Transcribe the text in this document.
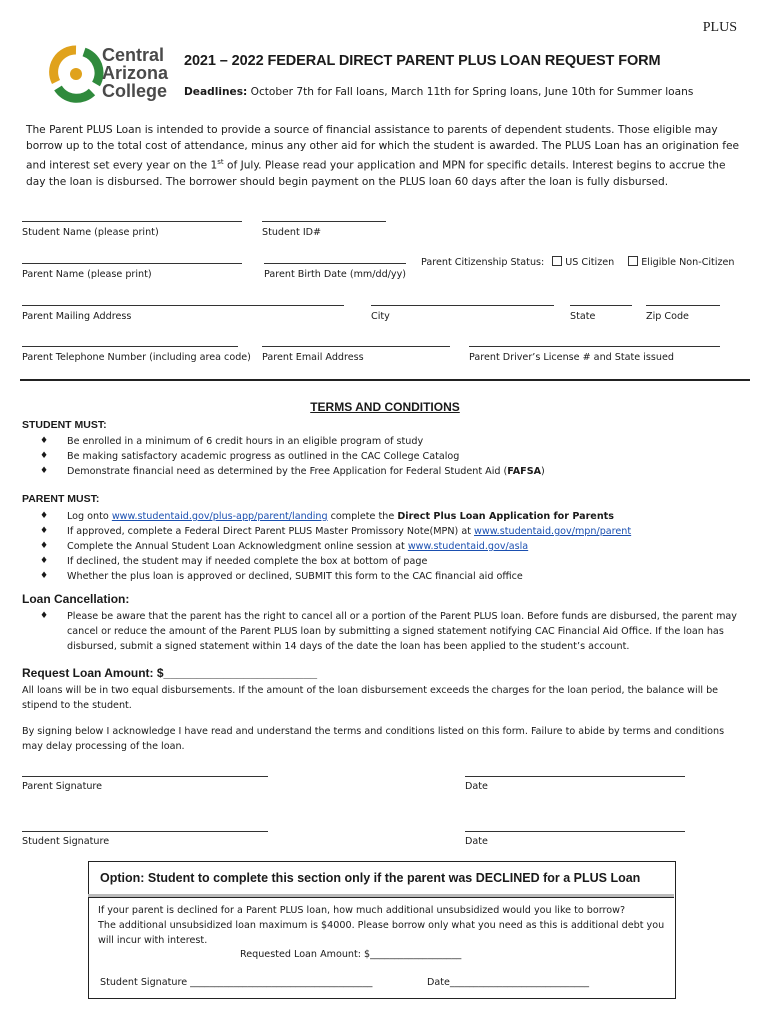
PLUS
Central
Arizona
College
2021 – 2022 FEDERAL DIRECT PARENT PLUS LOAN REQUEST FORM
Deadlines: October 7th for Fall loans, March 11th for Spring loans, June 10th for Summer loans
The Parent PLUS Loan is intended to provide a source of financial assistance to parents of dependent students. Those eligible may borrow up to the total cost of attendance, minus any other aid for which the student is awarded. The PLUS Loan has an origination fee and interest set every year on the 1st of July. Please read your application and MPN for specific details. Interest begins to accrue the day the loan is disbursed. The borrower should begin payment on the PLUS loan 60 days after the loan is fully disbursed.
Student Name (please print)	Student ID#
Parent Name (please print)	Parent Birth Date (mm/dd/yy)
Parent Citizenship Status: US Citizen	Eligible Non-Citizen
Parent Mailing Address	City	State	Zip Code
Parent Telephone Number (including area code) Parent Email Address	Parent Driver’s License # and State issued
TERMS AND CONDITIONS
STUDENT MUST:
♦ Be enrolled in a minimum of 6 credit hours in an eligible program of study
♦ Be making satisfactory academic progress as outlined in the CAC College Catalog
♦ Demonstrate financial need as determined by the Free Application for Federal Student Aid (FAFSA)
PARENT MUST:
♦ Log onto www.studentaid.gov/plus-app/parent/landing complete the Direct Plus Loan Application for Parents
♦ If approved, complete a Federal Direct Parent PLUS Master Promissory Note(MPN) at www.studentaid.gov/mpn/parent
♦ Complete the Annual Student Loan Acknowledgment online session at www.studentaid.gov/asla
♦ If declined, the student may if needed complete the box at bottom of page
♦ Whether the plus loan is approved or declined, SUBMIT this form to the CAC financial aid office
Loan Cancellation:
♦ Please be aware that the parent has the right to cancel all or a portion of the Parent PLUS loan. Before funds are disbursed, the parent may cancel or reduce the amount of the Parent PLUS loan by submitting a signed statement notifying CAC Financial Aid Office. If the loan has disbursed, submit a signed statement within 14 days of the date the loan has been applied to the student’s account.
Request Loan Amount: $_______________________
All loans will be in two equal disbursements. If the amount of the loan disbursement exceeds the charges for the loan period, the balance will be stipend to the student.
By signing below I acknowledge I have read and understand the terms and conditions listed on this form. Failure to abide by terms and conditions may delay processing of the loan.
Parent Signature	Date
Student Signature	Date
Option: Student to complete this section only if the parent was DECLINED for a PLUS Loan
If your parent is declined for a Parent PLUS loan, how much additional unsubsidized would you like to borrow?
The additional unsubsidized loan maximum is $4000. Please borrow only what you need as this is additional debt you will incur with interest.
Requested Loan Amount: $___________________
Student Signature ______________________________________	Date_____________________________
